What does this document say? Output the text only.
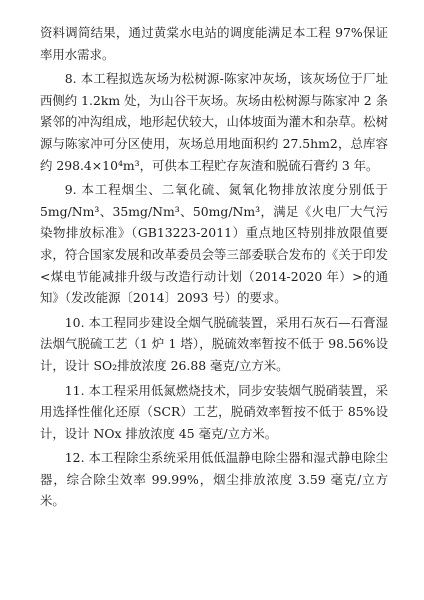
资料调简结果，通过黄棠水电站的调度能满足本工程 97%保证率用水需求。

8. 本工程拟选灰场为松树源-陈家冲灰场，该灰场位于厂址西侧约 1.2km 处，为山谷干灰场。灰场由松树源与陈家冲 2 条紧邻的冲沟组成，地形起伏较大，山体坡面为灌木和杂草。松树源与陈家冲可分区使用，灰场总用地面积约 27.5hm2，总库容约 298.4×10⁴m³，可供本工程贮存灰渣和脱硫石膏约 3 年。

9. 本工程烟尘、二氧化硫、氮氧化物排放浓度分别低于 5mg/Nm³、35mg/Nm³、50mg/Nm³，满足《火电厂大气污染物排放标准》（GB13223-2011）重点地区特别排放限值要求，符合国家发展和改革委员会等三部委联合发布的《关于印发<煤电节能减排升级与改造行动计划（2014-2020 年）>的通知》（发改能源〔2014〕2093 号）的要求。

10. 本工程同步建设全烟气脱硫装置，采用石灰石—石膏湿法烟气脱硫工艺（1 炉 1 塔），脱硫效率暂按不低于 98.56%设计，设计 SO₂排放浓度 26.88 毫克/立方米。

11. 本工程采用低氮燃烧技术，同步安装烟气脱硝装置，采用选择性催化还原（SCR）工艺，脱硝效率暂按不低于 85%设计，设计 NOx 排放浓度 45 毫克/立方米。

12. 本工程除尘系统采用低低温静电除尘器和湿式静电除尘器，综合除尘效率 99.99%，烟尘排放浓度 3.59 毫克/立方米。
